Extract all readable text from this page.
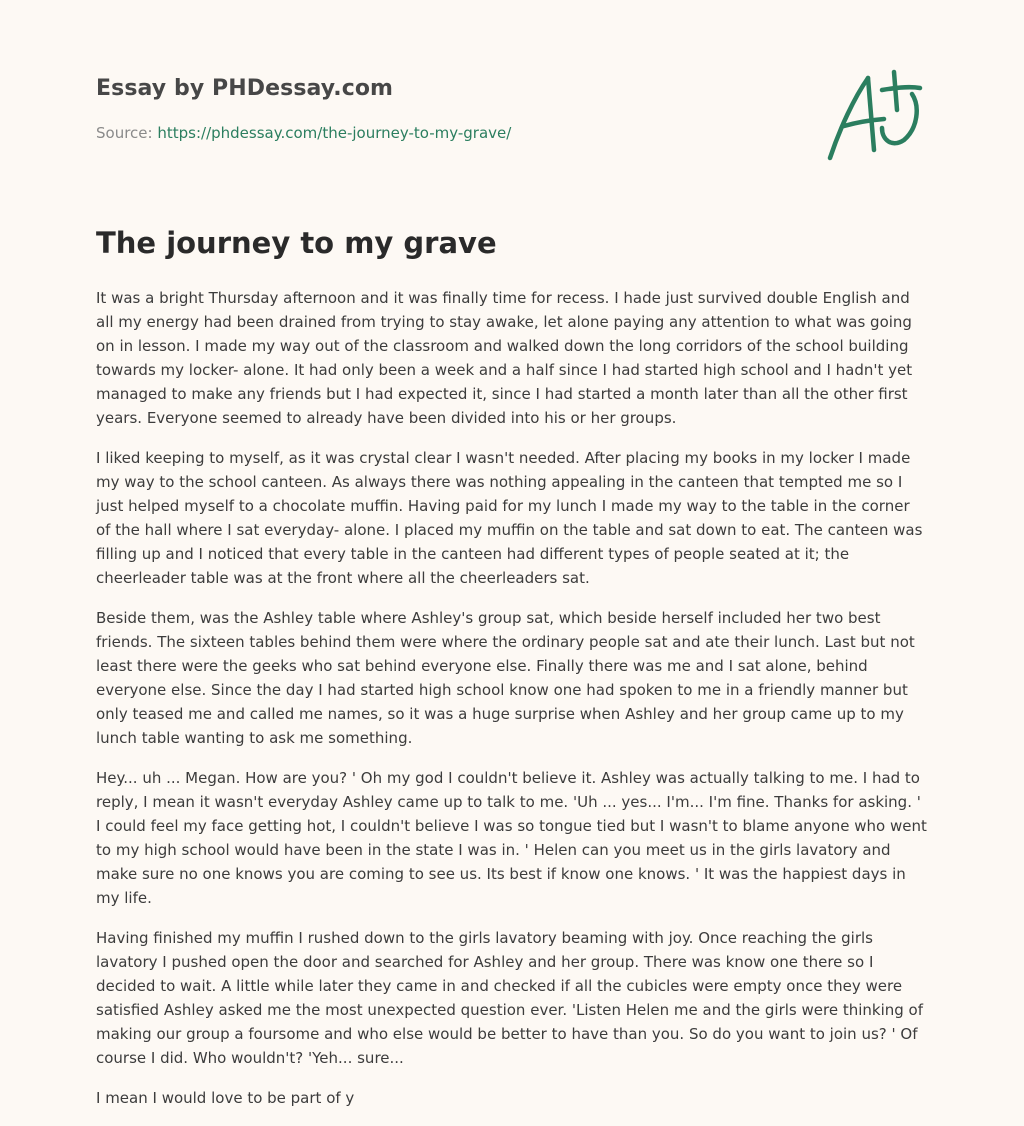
Essay by PHDessay.com
Source: https://phdessay.com/the-journey-to-my-grave/
The journey to my grave

It was a bright Thursday afternoon and it was finally time for recess. I hade just survived double English and all my energy had been drained from trying to stay awake, let alone paying any attention to what was going on in lesson. I made my way out of the classroom and walked down the long corridors of the school building towards my locker- alone. It had only been a week and a half since I had started high school and I hadn't yet managed to make any friends but I had expected it, since I had started a month later than all the other first years. Everyone seemed to already have been divided into his or her groups.

I liked keeping to myself, as it was crystal clear I wasn't needed. After placing my books in my locker I made my way to the school canteen. As always there was nothing appealing in the canteen that tempted me so I just helped myself to a chocolate muffin. Having paid for my lunch I made my way to the table in the corner of the hall where I sat everyday- alone. I placed my muffin on the table and sat down to eat. The canteen was filling up and I noticed that every table in the canteen had different types of people seated at it; the cheerleader table was at the front where all the cheerleaders sat.

Beside them, was the Ashley table where Ashley's group sat, which beside herself included her two best friends. The sixteen tables behind them were where the ordinary people sat and ate their lunch. Last but not least there were the geeks who sat behind everyone else. Finally there was me and I sat alone, behind everyone else. Since the day I had started high school know one had spoken to me in a friendly manner but only teased me and called me names, so it was a huge surprise when Ashley and her group came up to my lunch table wanting to ask me something.

Hey... uh ... Megan. How are you? ' Oh my god I couldn't believe it. Ashley was actually talking to me. I had to reply, I mean it wasn't everyday Ashley came up to talk to me. 'Uh ... yes... I'm... I'm fine. Thanks for asking. ' I could feel my face getting hot, I couldn't believe I was so tongue tied but I wasn't to blame anyone who went to my high school would have been in the state I was in. ' Helen can you meet us in the girls lavatory and make sure no one knows you are coming to see us. Its best if know one knows. ' It was the happiest days in my life.

Having finished my muffin I rushed down to the girls lavatory beaming with joy. Once reaching the girls lavatory I pushed open the door and searched for Ashley and her group. There was know one there so I decided to wait. A little while later they came in and checked if all the cubicles were empty once they were satisfied Ashley asked me the most unexpected question ever. 'Listen Helen me and the girls were thinking of making our group a foursome and who else would be better to have than you. So do you want to join us? ' Of course I did. Who wouldn't? 'Yeh... sure...

I mean I would love to be part of y
